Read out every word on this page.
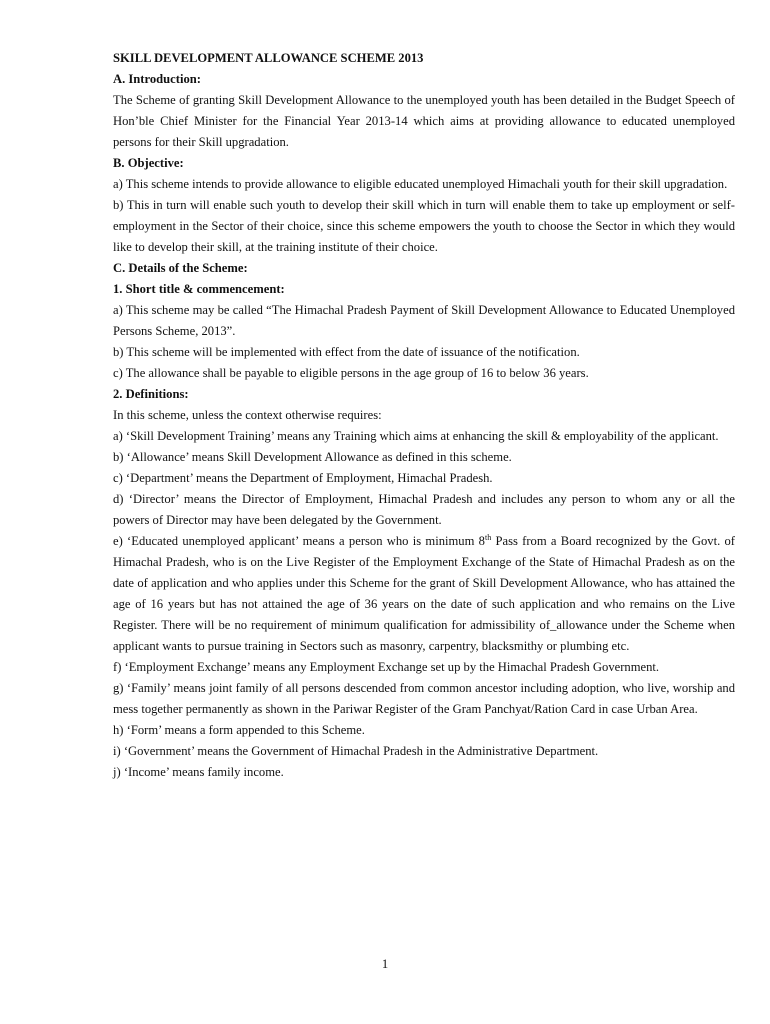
SKILL DEVELOPMENT ALLOWANCE SCHEME 2013

A. Introduction:

The Scheme of granting Skill Development Allowance to the unemployed youth has been detailed in the Budget Speech of Hon’ble Chief Minister for the Financial Year 2013-14 which aims at providing allowance to educated unemployed persons for their Skill upgradation.

B. Objective:

a) This scheme intends to provide allowance to eligible educated unemployed Himachali youth for their skill upgradation.

b) This in turn will enable such youth to develop their skill which in turn will enable them to take up employment or self-employment in the Sector of their choice, since this scheme empowers the youth to choose the Sector in which they would like to develop their skill, at the training institute of their choice.

C. Details of the Scheme:

1. Short title & commencement:

a) This scheme may be called “The Himachal Pradesh Payment of Skill Development Allowance to Educated Unemployed Persons Scheme, 2013”.

b) This scheme will be implemented with effect from the date of issuance of the notification.

c) The allowance shall be payable to eligible persons in the age group of 16 to below 36 years.

2. Definitions:

In this scheme, unless the context otherwise requires:

a) ‘Skill Development Training’ means any Training which aims at enhancing the skill & employability of the applicant.

b) ‘Allowance’ means Skill Development Allowance as defined in this scheme.

c) ‘Department’ means the Department of Employment, Himachal Pradesh.

d) ‘Director’ means the Director of Employment, Himachal Pradesh and includes any person to whom any or all the powers of Director may have been delegated by the Government.

e) ‘Educated unemployed applicant’ means a person who is minimum 8th Pass from a Board recognized by the Govt. of Himachal Pradesh, who is on the Live Register of the Employment Exchange of the State of Himachal Pradesh as on the date of application and who applies under this Scheme for the grant of Skill Development Allowance, who has attained the age of 16 years but has not attained the age of 36 years on the date of such application and who remains on the Live Register. There will be no requirement of minimum qualification for admissibility of_allowance under the Scheme when applicant wants to pursue training in Sectors such as masonry, carpentry, blacksmithy or plumbing etc.

f) ‘Employment Exchange’ means any Employment Exchange set up by the Himachal Pradesh Government.

g) ‘Family’ means joint family of all persons descended from common ancestor including adoption, who live, worship and mess together permanently as shown in the Pariwar Register of the Gram Panchyat/Ration Card in case Urban Area.

h) ‘Form’ means a form appended to this Scheme.

i) ‘Government’ means the Government of Himachal Pradesh in the Administrative Department.

j) ‘Income’ means family income.

1
